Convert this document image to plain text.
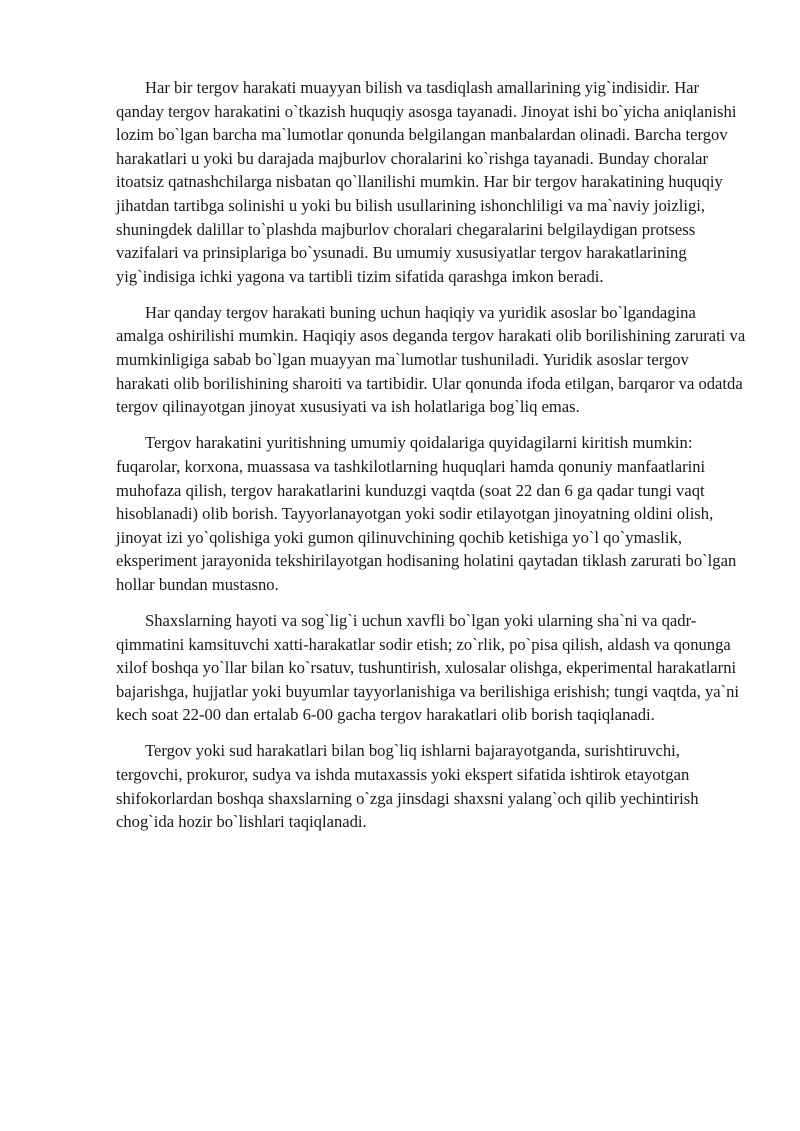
Har bir tergov harakati muayyan bilish va tasdiqlash amallarining yig`indisidir. Har qanday tergov harakatini o`tkazish huquqiy asosga tayanadi. Jinoyat ishi bo`yicha aniqlanishi lozim bo`lgan barcha ma`lumotlar qonunda belgilangan manbalardan olinadi. Barcha tergov harakatlari u yoki bu darajada majburlov choralarini ko`rishga tayanadi. Bunday choralar itoatsiz qatnashchilarga nisbatan qo`llanilishi mumkin. Har bir tergov harakatining huquqiy jihatdan tartibga solinishi u yoki bu bilish usullarining ishonchliligi va ma`naviy joizligi, shuningdek dalillar to`plashda majburlov choralari chegaralarini belgilaydigan protsess vazifalari va prinsiplariga bo`ysunadi. Bu umumiy xususiyatlar tergov harakatlarining yig`indisiga ichki yagona va tartibli tizim sifatida qarashga imkon beradi.

Har qanday tergov harakati buning uchun haqiqiy va yuridik asoslar bo`lgandagina amalga oshirilishi mumkin. Haqiqiy asos deganda tergov harakati olib borilishining zarurati va mumkinligiga sabab bo`lgan muayyan ma`lumotlar tushuniladi. Yuridik asoslar tergov harakati olib borilishining sharoiti va tartibidir. Ular qonunda ifoda etilgan, barqaror va odatda tergov qilinayotgan jinoyat xususiyati va ish holatlariga bog`liq emas.

Tergov harakatini yuritishning umumiy qoidalariga quyidagilarni kiritish mumkin: fuqarolar, korxona, muassasa va tashkilotlarning huquqlari hamda qonuniy manfaatlarini muhofaza qilish, tergov harakatlarini kunduzgi vaqtda (soat 22 dan 6 ga qadar tungi vaqt hisoblanadi) olib borish. Tayyorlanayotgan yoki sodir etilayotgan jinoyatning oldini olish, jinoyat izi yo`qolishiga yoki gumon qilinuvchining qochib ketishiga yo`l qo`ymaslik, eksperiment jarayonida tekshirilayotgan hodisaning holatini qaytadan tiklash zarurati bo`lgan hollar bundan mustasno.

Shaxslarning hayoti va sog`lig`i uchun xavfli bo`lgan yoki ularning sha`ni va qadr-qimmatini kamsituvchi xatti-harakatlar sodir etish; zo`rlik, po`pisa qilish, aldash va qonunga xilof boshqa yo`llar bilan ko`rsatuv, tushuntirish, xulosalar olishga, ekperimental harakatlarni bajarishga, hujjatlar yoki buyumlar tayyorlanishiga va berilishiga erishish; tungi vaqtda, ya`ni kech soat 22-00 dan ertalab 6-00 gacha tergov harakatlari olib borish taqiqlanadi.

Tergov yoki sud harakatlari bilan bog`liq ishlarni bajarayotganda, surishtiruvchi, tergovchi, prokuror, sudya va ishda mutaxassis yoki ekspert sifatida ishtirok etayotgan shifokorlardan boshqa shaxslarning o`zga jinsdagi shaxsni yalang`och qilib yechintirish chog`ida hozir bo`lishlari taqiqlanadi.
